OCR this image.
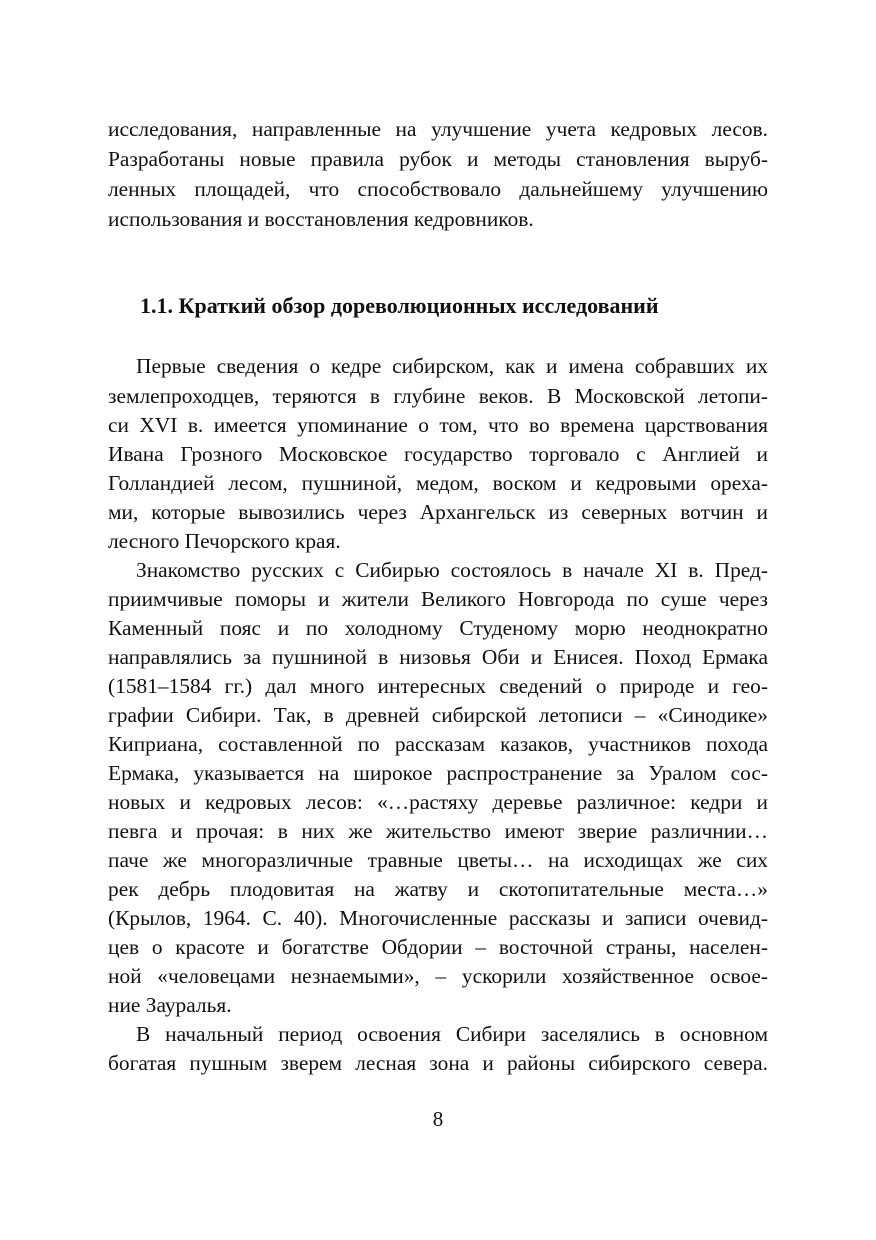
исследования, направленные на улучшение учета кедровых лесов.
Разработаны новые правила рубок и методы становления выруб-
ленных площадей, что способствовало дальнейшему улучшению
использования и восстановления кедровников.
1.1. Краткий обзор дореволюционных исследований
Первые сведения о кедре сибирском, как и имена собравших их
землепроходцев, теряются в глубине веков. В Московской летопи-
си XVI в. имеется упоминание о том, что во времена царствования
Ивана Грозного Московское государство торговало с Англией и
Голландией лесом, пушниной, медом, воском и кедровыми ореха-
ми, которые вывозились через Архангельск из северных вотчин и
лесного Печорского края.
Знакомство русских с Сибирью состоялось в начале XI в. Пред-
приимчивые поморы и жители Великого Новгорода по суше через
Каменный пояс и по холодному Студеному морю неоднократно
направлялись за пушниной в низовья Оби и Енисея. Поход Ермака
(1581–1584 гг.) дал много интересных сведений о природе и гео-
графии Сибири. Так, в древней сибирской летописи – «Синодике»
Киприана, составленной по рассказам казаков, участников похода
Ермака, указывается на широкое распространение за Уралом сос-
новых и кедровых лесов: «…растяху деревье различное: кедри и
певга и прочая: в них же жительство имеют зверие различнии…
паче же многоразличные травные цветы… на исходищах же сих
рек дебрь плодовитая на жатву и скотопитательные места…»
(Крылов, 1964. С. 40). Многочисленные рассказы и записи очевид-
цев о красоте и богатстве Обдории – восточной страны, населен-
ной «человецами незнаемыми», – ускорили хозяйственное освое-
ние Зауралья.
В начальный период освоения Сибири заселялись в основном
богатая пушным зверем лесная зона и районы сибирского севера.
8
